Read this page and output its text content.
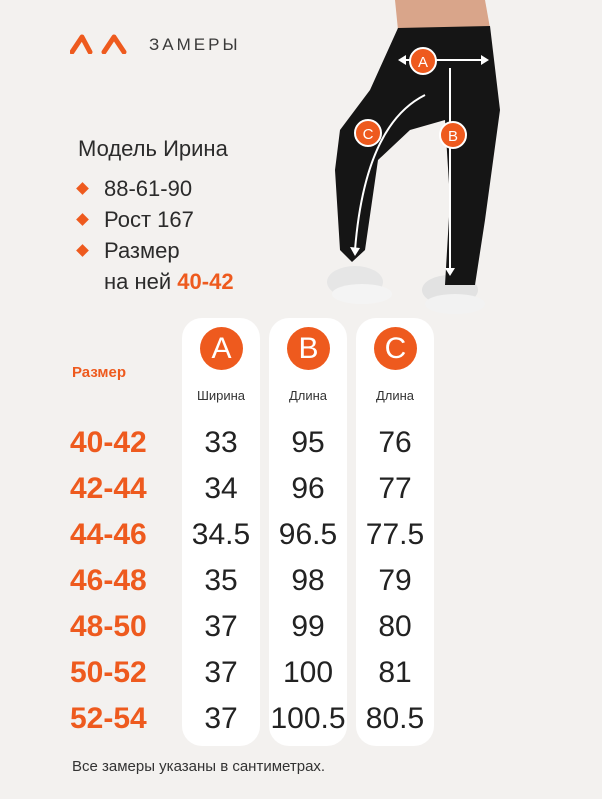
ЗАМЕРЫ
Модель Ирина
88-61-90
Рост 167
Размер
на ней 40-42
A
B
C
Размер
40-42
42-44
44-46
46-48
48-50
50-52
52-54
A
Ширина
33
34
34.5
35
37
37
37
B
Длина
95
96
96.5
98
99
100
100.5
C
Длина
76
77
77.5
79
80
81
80.5
Все замеры указаны в сантиметрах.
